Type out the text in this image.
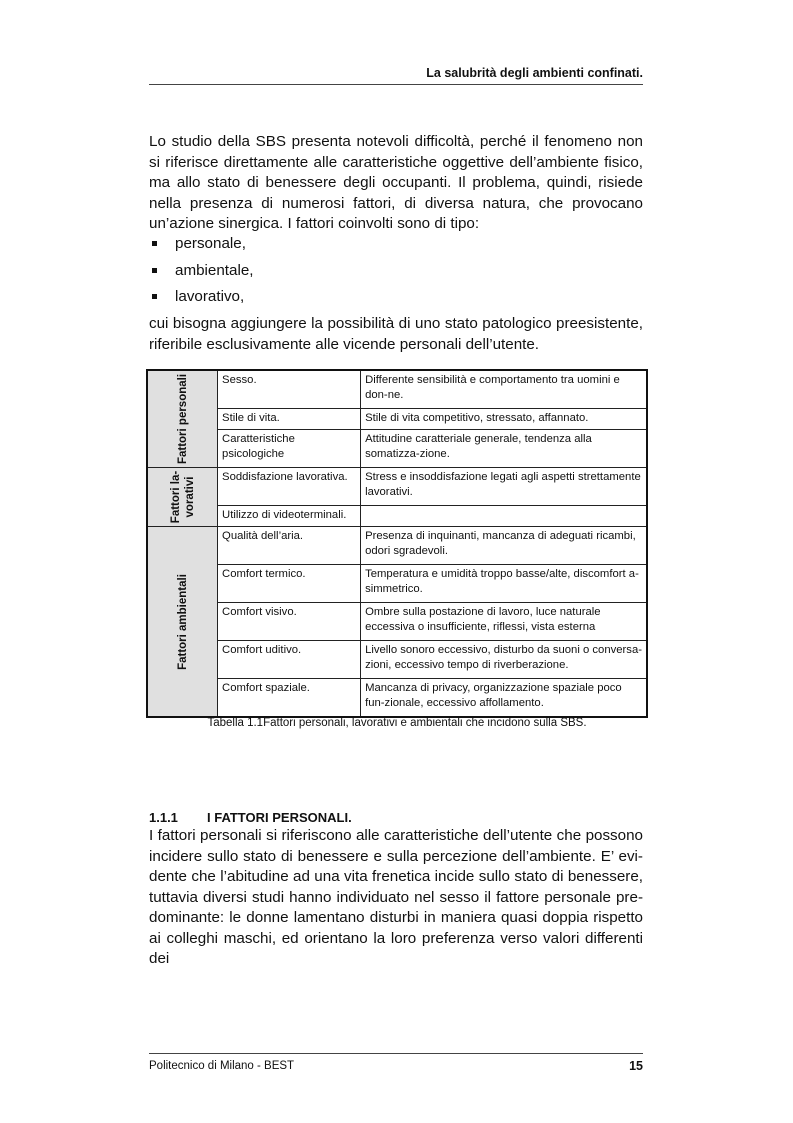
La salubrità degli ambienti confinati.

Lo studio della SBS presenta notevoli difficoltà, perché il fenomeno non si riferisce direttamente alle caratteristiche oggettive dell’ambiente fisico, ma allo stato di benessere degli occupanti. Il problema, quindi, risiede nella presenza di numerosi fattori, di diversa natura, che provocano un’azione sinergica. I fattori coinvolti sono di tipo:

personale,
ambientale,
lavorativo,

cui bisogna aggiungere la possibilità di uno stato patologico preesistente, riferibile esclusivamente alle vicende personali dell’utente.

Fattori personali	Sesso.	Differente sensibilità e comportamento tra uomini e don-ne.
	Stile di vita.	Stile di vita competitivo, stressato, affannato.
	Caratteristiche psicologiche	Attitudine caratteriale generale, tendenza alla somatizza-zione.

Fattori la- vorativi	Soddisfazione lavorativa.	Stress e insoddisfazione legati agli aspetti strettamente lavorativi.
	Utilizzo di videoterminali.	

Fattori ambientali	Qualità dell’aria.	Presenza di inquinanti, mancanza di adeguati ricambi, odori sgradevoli.
	Comfort termico.	Temperatura e umidità troppo basse/alte, discomfort a-simmetrico.
	Comfort visivo.	Ombre sulla postazione di lavoro, luce naturale eccessiva o insufficiente, riflessi, vista esterna
	Comfort uditivo.	Livello sonoro eccessivo, disturbo da suoni o conversa-zioni, eccessivo tempo di riverberazione.
	Comfort spaziale.	Mancanza di privacy, organizzazione spaziale poco fun-zionale, eccessivo affollamento.
Tabella 1.1Fattori personali, lavorativi e ambientali che incidono sulla SBS.
1.1.1 I FATTORI PERSONALI.

I fattori personali si riferiscono alle caratteristiche dell’utente che possono incidere sullo stato di benessere e sulla percezione dell’ambiente. E’ evi-dente che l’abitudine ad una vita frenetica incide sullo stato di benessere, tuttavia diversi studi hanno individuato nel sesso il fattore personale pre-dominante: le donne lamentano disturbi in maniera quasi doppia rispetto ai colleghi maschi, ed orientano la loro preferenza verso valori differenti dei

Politecnico di Milano - BEST	15
